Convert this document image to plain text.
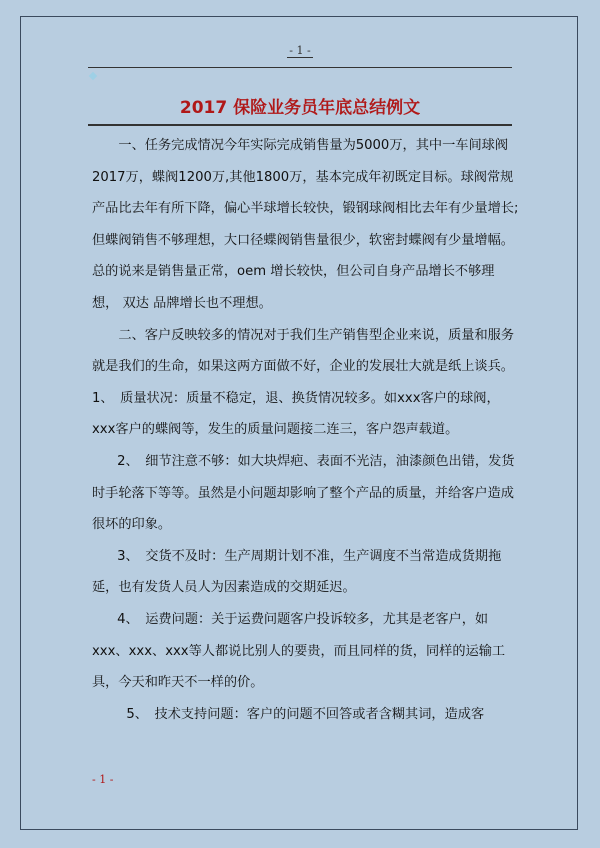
- 1 -
2017 保险业务员年底总结例文

一、任务完成情况今年实际完成销售量为5000万，其中一车间球阀2017万，蝶阀1200万,其他1800万，基本完成年初既定目标。球阀常规产品比去年有所下降，偏心半球增长较快，锻钢球阀相比去年有少量增长;但蝶阀销售不够理想，大口径蝶阀销售量很少，软密封蝶阀有少量增幅。总的说来是销售量正常，oem 增长较快，但公司自身产品增长不够理想， 双达 品牌增长也不理想。

二、客户反映较多的情况对于我们生产销售型企业来说，质量和服务就是我们的生命，如果这两方面做不好，企业的发展壮大就是纸上谈兵。1、　质量状况：质量不稳定，退、换货情况较多。如xxx客户的球阀，xxx客户的蝶阀等，发生的质量问题接二连三，客户怨声载道。

2、　细节注意不够：如大块焊疤、表面不光洁，油漆颜色出错，发货时手轮落下等等。虽然是小问题却影响了整个产品的质量，并给客户造成很坏的印象。

3、　交货不及时：生产周期计划不准，生产调度不当常造成货期拖延，也有发货人员人为因素造成的交期延迟。

4、　运费问题：关于运费问题客户投诉较多，尤其是老客户，如xxx、xxx、xxx等人都说比别人的要贵，而且同样的货，同样的运输工具，今天和昨天不一样的价。

5、　技术支持问题：客户的问题不回答或者含糊其词，造成客

- 1 -
